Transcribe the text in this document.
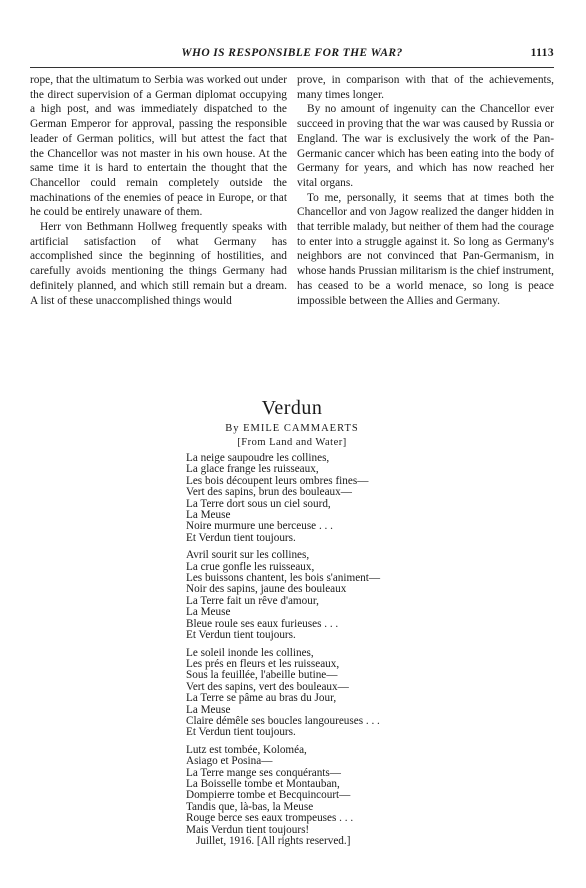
WHO IS RESPONSIBLE FOR THE WAR?	1113

rope, that the ultimatum to Serbia was worked out under the direct supervision of a German diplomat occupying a high post, and was immediately dispatched to the German Emperor for approval, passing the responsible leader of German politics, will but attest the fact that the Chancellor was not master in his own house. At the same time it is hard to entertain the thought that the Chancellor could remain completely outside the machinations of the enemies of peace in Europe, or that he could be entirely unaware of them.

Herr von Bethmann Hollweg frequently speaks with artificial satisfaction of what Germany has accomplished since the beginning of hostilities, and carefully avoids mentioning the things Germany had definitely planned, and which still remain but a dream. A list of these unaccomplished things would

prove, in comparison with that of the achievements, many times longer.

By no amount of ingenuity can the Chancellor ever succeed in proving that the war was caused by Russia or England. The war is exclusively the work of the Pan-Germanic cancer which has been eating into the body of Germany for years, and which has now reached her vital organs.

To me, personally, it seems that at times both the Chancellor and von Jagow realized the danger hidden in that terrible malady, but neither of them had the courage to enter into a struggle against it. So long as Germany's neighbors are not convinced that Pan-Germanism, in whose hands Prussian militarism is the chief instrument, has ceased to be a world menace, so long is peace impossible between the Allies and Germany.

Verdun
By EMILE CAMMAERTS
[From Land and Water]
La neige saupoudre les collines,
La glace frange les ruisseaux,
Les bois découpent leurs ombres fines—
Vert des sapins, brun des bouleaux—
La Terre dort sous un ciel sourd,
La Meuse
Noire murmure une berceuse . . .
Et Verdun tient toujours.
Avril sourit sur les collines,
La crue gonfle les ruisseaux,
Les buissons chantent, les bois s'animent—
Noir des sapins, jaune des bouleaux
La Terre fait un rêve d'amour,
La Meuse
Bleue roule ses eaux furieuses . . .
Et Verdun tient toujours.
Le soleil inonde les collines,
Les prés en fleurs et les ruisseaux,
Sous la feuillée, l'abeille butine—
Vert des sapins, vert des bouleaux—
La Terre se pâme au bras du Jour,
La Meuse
Claire démêle ses boucles langoureuses . . .
Et Verdun tient toujours.
Lutz est tombée, Koloméa,
Asiago et Posina—
La Terre mange ses conquérants—
La Boisselle tombe et Montauban,
Dompierre tombe et Becquincourt—
Tandis que, là-bas, la Meuse
Rouge berce ses eaux trompeuses . . .
Mais Verdun tient toujours!
Juillet, 1916. [All rights reserved.]
